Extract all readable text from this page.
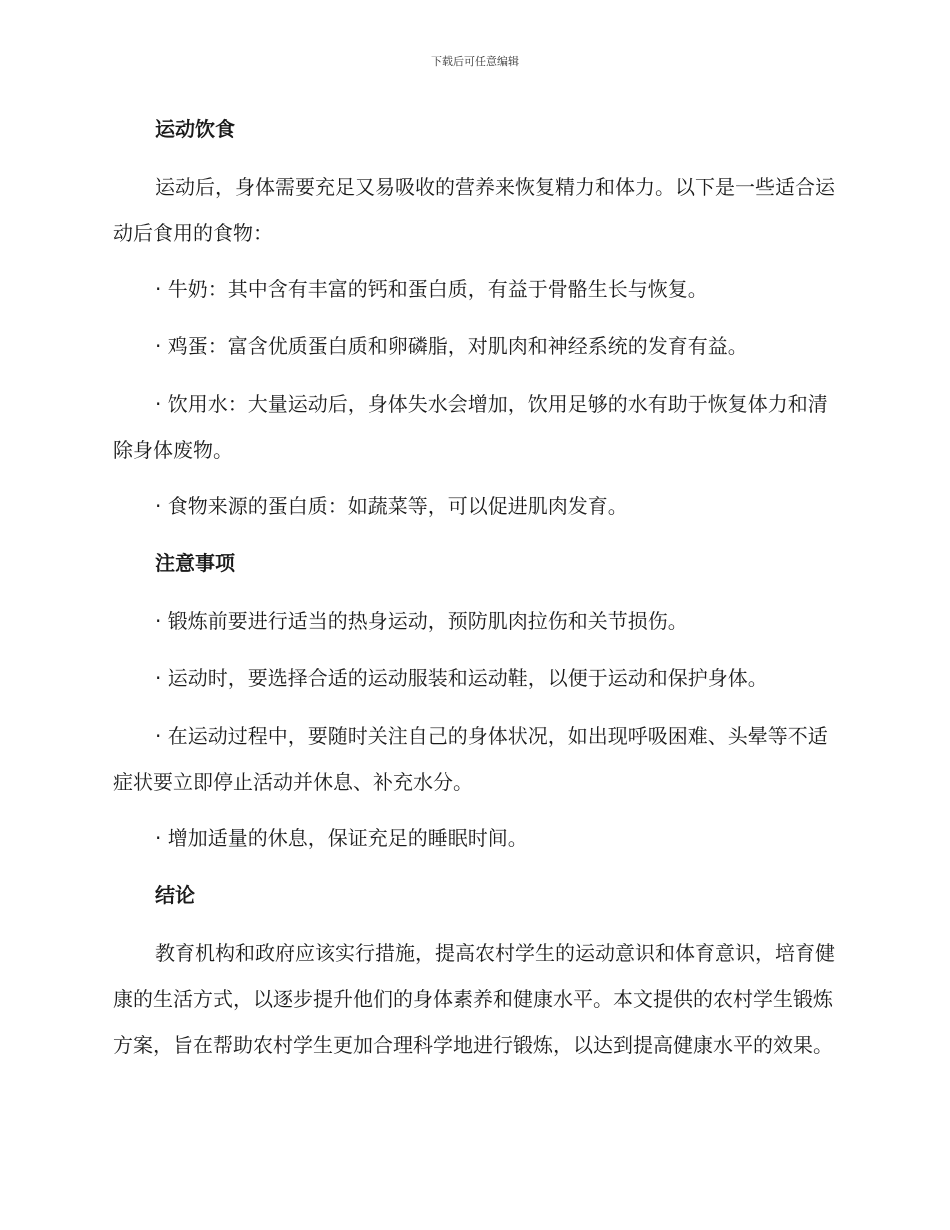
下载后可任意编辑
运动饮食
运动后，身体需要充足又易吸收的营养来恢复精力和体力。以下是一些适合运动后食用的食物：
· 牛奶：其中含有丰富的钙和蛋白质，有益于骨骼生长与恢复。
· 鸡蛋：富含优质蛋白质和卵磷脂，对肌肉和神经系统的发育有益。
· 饮用水：大量运动后，身体失水会增加，饮用足够的水有助于恢复体力和清除身体废物。
· 食物来源的蛋白质：如蔬菜等，可以促进肌肉发育。
注意事项
· 锻炼前要进行适当的热身运动，预防肌肉拉伤和关节损伤。
· 运动时，要选择合适的运动服装和运动鞋，以便于运动和保护身体。
· 在运动过程中，要随时关注自己的身体状况，如出现呼吸困难、头晕等不适症状要立即停止活动并休息、补充水分。
· 增加适量的休息，保证充足的睡眠时间。
结论
教育机构和政府应该实行措施，提高农村学生的运动意识和体育意识，培育健康的生活方式，以逐步提升他们的身体素养和健康水平。本文提供的农村学生锻炼方案，旨在帮助农村学生更加合理科学地进行锻炼，以达到提高健康水平的效果。
